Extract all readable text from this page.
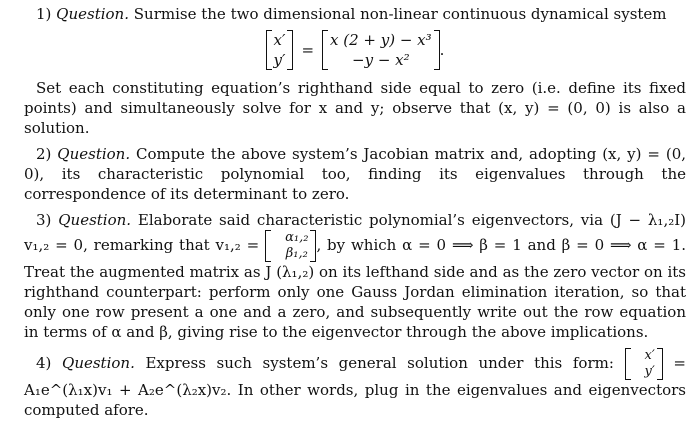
1) Question. Surmise the two dimensional non-linear continuous dynamical system

x′
y′
=
x (2 + y) − x³
−y − x²
.

Set each constituting equation’s righthand side equal to zero (i.e. define its fixed points) and simultaneously solve for x and y; observe that (x, y) = (0, 0) is also a solution.

2) Question. Compute the above system’s Jacobian matrix and, adopting (x, y) = (0, 0), its characteristic polynomial too, finding its eigenvalues through the correspondence of its determinant to zero.

3) Question. Elaborate said characteristic polynomial’s eigenvectors, via (J − λ₁,₂I) v₁,₂ = 0, remarking that v₁,₂ =	α₁,₂
β₁,₂ , by which α = 0 ⟹ β = 1 and β = 0 ⟹ α = 1. Treat the augmented matrix as J (λ₁,₂) on its lefthand side and as the zero vector on its righthand counterpart: perform only one Gauss Jordan elimination iteration, so that only one row present a one and a zero, and subsequently write out the row equation in terms of α and β, giving rise to the eigenvector through the above implications.

4) Question. Express such system’s general solution under this form:	x′
y′ = A₁e^(λ₁x)v₁ + A₂e^(λ₂x)v₂. In other words, plug in the eigenvalues and eigenvectors computed afore.
